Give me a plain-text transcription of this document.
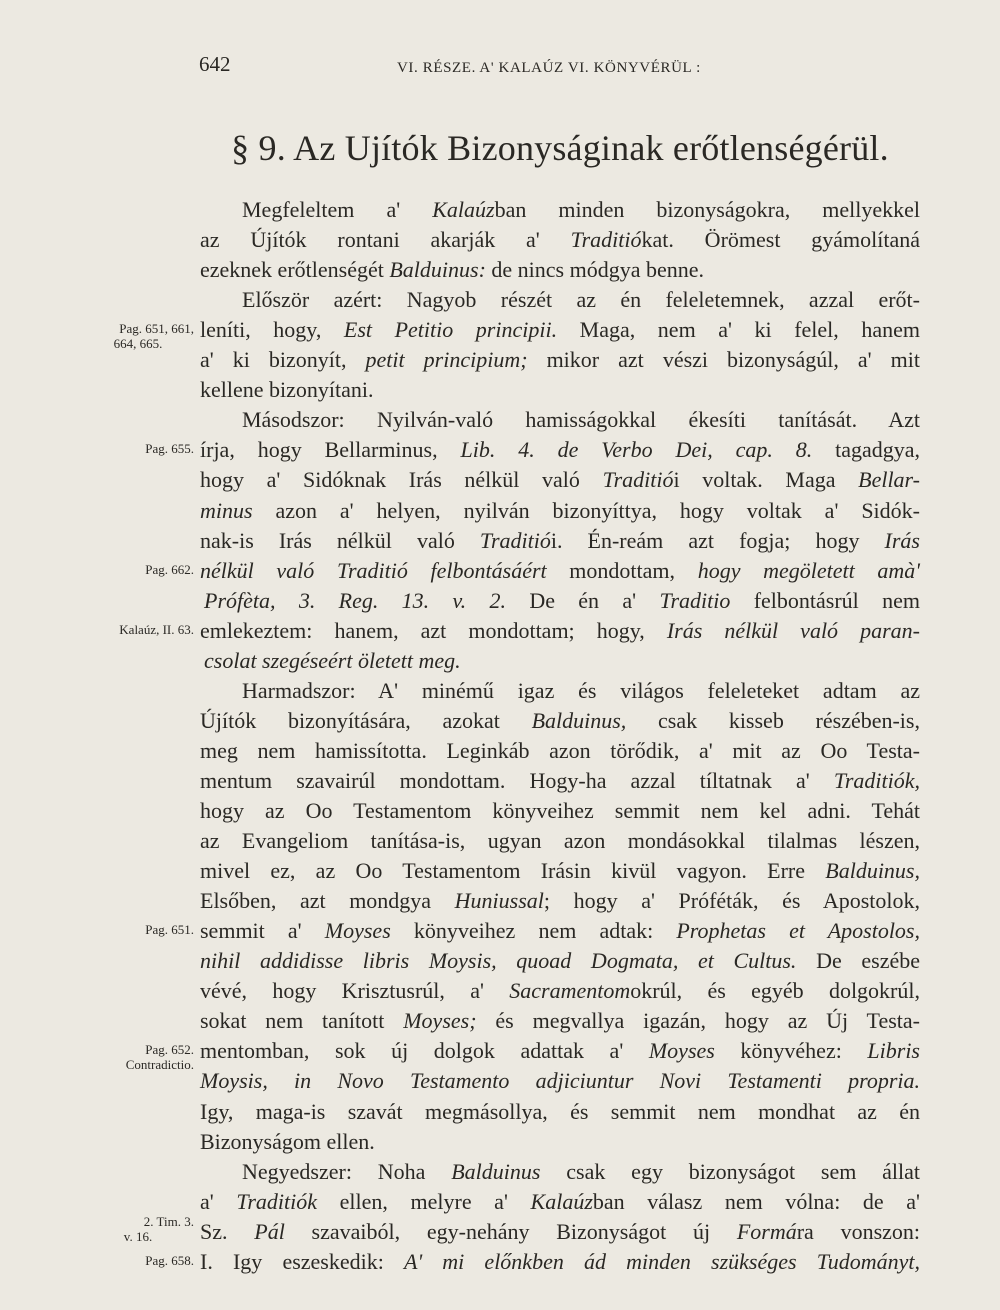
642	VI. RÉSZE. A' KALAÚZ VI. KÖNYVÉRÜL :
§ 9. Az Ujítók Bizonyságinak erőtlenségérül.
Megfeleltem a' Kalaúzban minden bizonyságokra, mellyekkel
az Újítók rontani akarják a' Traditiókat. Örömest gyámolítaná
ezeknek erőtlenségét Balduinus: de nincs módgya benne.
Először azért: Nagyob részét az én feleletemnek, azzal erőt-
leníti, hogy, Est Petitio principii. Maga, nem a' ki felel, hanem
a' ki bizonyít, petit principium; mikor azt vészi bizonyságúl, a' mit
kellene bizonyítani.
Másodszor: Nyilván-való hamisságokkal ékesíti tanítását. Azt
írja, hogy Bellarminus, Lib. 4. de Verbo Dei, cap. 8. tagadgya,
hogy a' Sidóknak Irás nélkül való Traditiói voltak. Maga Bellar-
minus azon a' helyen, nyilván bizonyíttya, hogy voltak a' Sidók-
nak-is Irás nélkül való Traditiói. Én-reám azt fogja; hogy Irás
nélkül való Traditió felbontásáért mondottam, hogy megöletett amà'
Prófèta, 3. Reg. 13. v. 2. De én a' Traditio felbontásrúl nem
emlekeztem: hanem, azt mondottam; hogy, Irás nélkül való paran-
csolat szegéseért öletett meg.
Harmadszor: A' minémű igaz és világos feleleteket adtam az
Újítók bizonyítására, azokat Balduinus, csak kisseb részében-is,
meg nem hamissította. Leginkáb azon törődik, a' mit az Oo Testa-
mentum szavairúl mondottam. Hogy-ha azzal tíltatnak a' Traditiók,
hogy az Oo Testamentom könyveihez semmit nem kel adni. Tehát
az Evangeliom tanítása-is, ugyan azon mondásokkal tilalmas lészen,
mivel ez, az Oo Testamentom Irásin kivül vagyon. Erre Balduinus,
Elsőben, azt mondgya Huniussal; hogy a' Próféták, és Apostolok,
semmit a' Moyses könyveihez nem adtak: Prophetas et Apostolos,
nihil addidisse libris Moysis, quoad Dogmata, et Cultus. De eszébe
vévé, hogy Krisztusrúl, a' Sacramentomokrúl, és egyéb dolgokrúl,
sokat nem tanított Moyses; és megvallya igazán, hogy az Új Testa-
mentomban, sok új dolgok adattak a' Moyses könyvéhez: Libris
Moysis, in Novo Testamento adjiciuntur Novi Testamenti propria.
Igy, maga-is szavát megmásollya, és semmit nem mondhat az én
Bizonyságom ellen.
Negyedszer: Noha Balduinus csak egy bizonyságot sem állat
a' Traditiók ellen, melyre a' Kalaúzban válasz nem vólna: de a'
Sz. Pál szavaiból, egy-nehány Bizonyságot új Formára vonszon:
I. Igy eszeskedik: A' mi előnkben ád minden szükséges Tudományt,
Pag. 651, 661,
664, 665.
Pag. 655.
Pag. 662.
Kalaúz, II. 63.
Pag. 651.
Pag. 652.
Contradictio.
2. Tim. 3.
v. 16.
Pag. 658.
